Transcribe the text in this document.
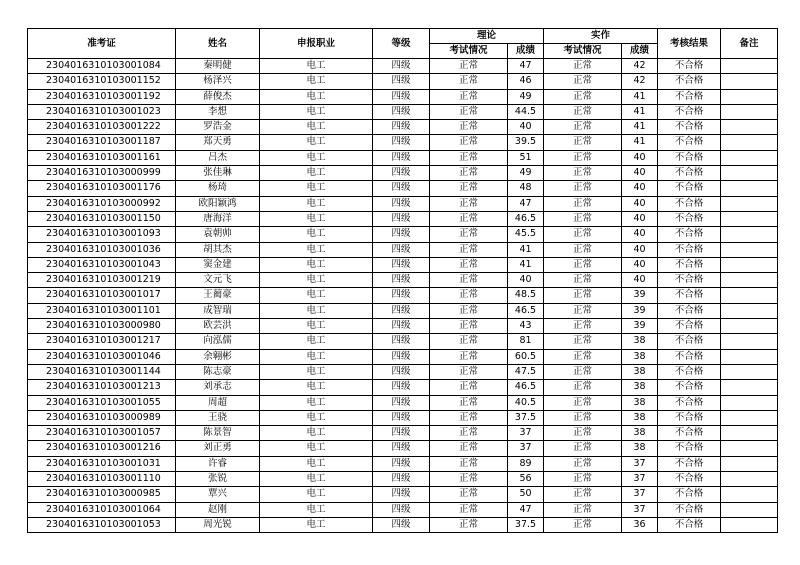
准考证	姓名	申报职业	等级	理论		实作		考核结果	备注
				考试情况	成绩	考试情况	成绩		
230401631010300108​4	秦明健	电工	四级	正常	47	正常	42	不合格	
2304016310103001152	杨泽兴	电工	四级	正常	46	正常	42	不合格	
2304016310103001192	薛俊杰	电工	四级	正常	49	正常	41	不合格	
2304016310103001023	李想	电工	四级	正常	44.5	正常	41	不合格	
2304016310103001222	罗浩金	电工	四级	正常	40	正常	41	不合格	
2304016310103001187	郑天勇	电工	四级	正常	39.5	正常	41	不合格	
2304016310103001161	吕杰	电工	四级	正常	51	正常	40	不合格	
2304016310103000999	张佳琳	电工	四级	正常	49	正常	40	不合格	
2304016310103001176	杨琦	电工	四级	正常	48	正常	40	不合格	
2304016310103000992	欧阳颖鸿	电工	四级	正常	47	正常	40	不合格	
2304016310103001150	唐海洋	电工	四级	正常	46.5	正常	40	不合格	
2304016310103001093	袁朝帅	电工	四级	正常	45.5	正常	40	不合格	
2304016310103001036	胡其杰	电工	四级	正常	41	正常	40	不合格	
2304016310103001043	窦金建	电工	四级	正常	41	正常	40	不合格	
2304016310103001219	文元飞	电工	四级	正常	40	正常	40	不合格	
2304016310103001017	王蔺豪	电工	四级	正常	48.5	正常	39	不合格	
2304016310103001101	成智瑞	电工	四级	正常	46.5	正常	39	不合格	
2304016310103000980	欧芸洪	电工	四级	正常	43	正常	39	不合格	
2304016310103001217	向泓儒	电工	四级	正常	81	正常	38	不合格	
2304016310103001046	余翱彬	电工	四级	正常	60.5	正常	38	不合格	
2304016310103001144	陈志豪	电工	四级	正常	47.5	正常	38	不合格	
2304016310103001213	刘承志	电工	四级	正常	46.5	正常	38	不合格	
2304016310103001055	周超	电工	四级	正常	40.5	正常	38	不合格	
2304016310103000989	王骁	电工	四级	正常	37.5	正常	38	不合格	
2304016310103001057	陈景智	电工	四级	正常	37	正常	38	不合格	
2304016310103001216	刘正勇	电工	四级	正常	37	正常	38	不合格	
2304016310103001031	许睿	电工	四级	正常	89	正常	37	不合格	
2304016310103001110	张锐	电工	四级	正常	56	正常	37	不合格	
2304016310103000985	覃兴	电工	四级	正常	50	正常	37	不合格	
2304016310103001064	赵刚	电工	四级	正常	47	正常	37	不合格	
2304016310103001053	周光锐	电工	四级	正常	37.5	正常	36	不合格	
